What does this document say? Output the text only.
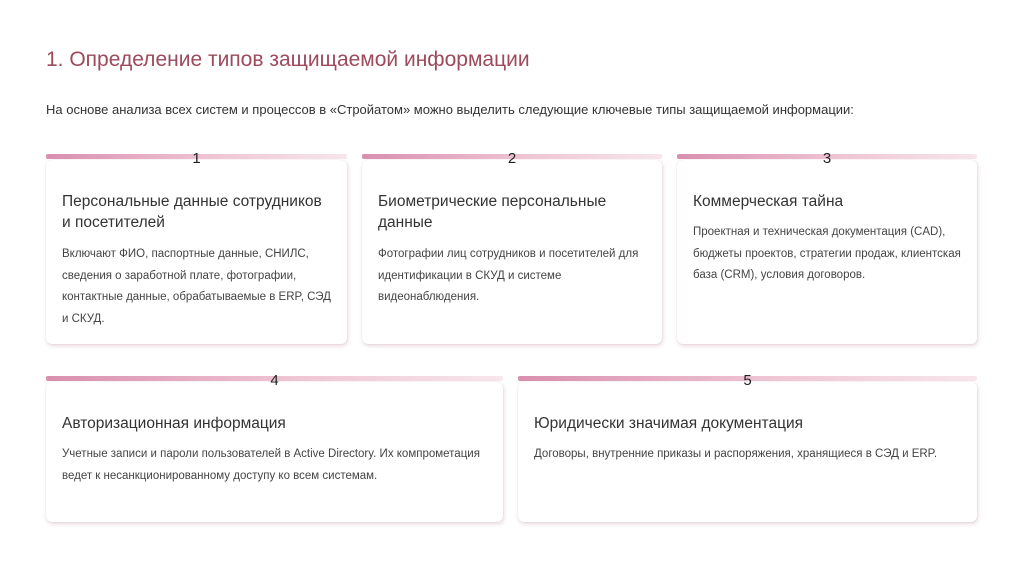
1. Определение типов защищаемой информации
На основе анализа всех систем и процессов в «Стройатом» можно выделить следующие ключевые типы защищаемой информации:
1
Персональные данные сотрудников и посетителей
Включают ФИО, паспортные данные, СНИЛС, сведения о заработной плате, фотографии, контактные данные, обрабатываемые в ERP, СЭД и СКУД.
2
Биометрические персональные данные
Фотографии лиц сотрудников и посетителей для идентификации в СКУД и системе видеонаблюдения.
3
Коммерческая тайна
Проектная и техническая документация (CAD), бюджеты проектов, стратегии продаж, клиентская база (CRM), условия договоров.
4
Авторизационная информация
Учетные записи и пароли пользователей в Active Directory. Их компрометация ведет к несанкционированному доступу ко всем системам.
5
Юридически значимая документация
Договоры, внутренние приказы и распоряжения, хранящиеся в СЭД и ERP.
